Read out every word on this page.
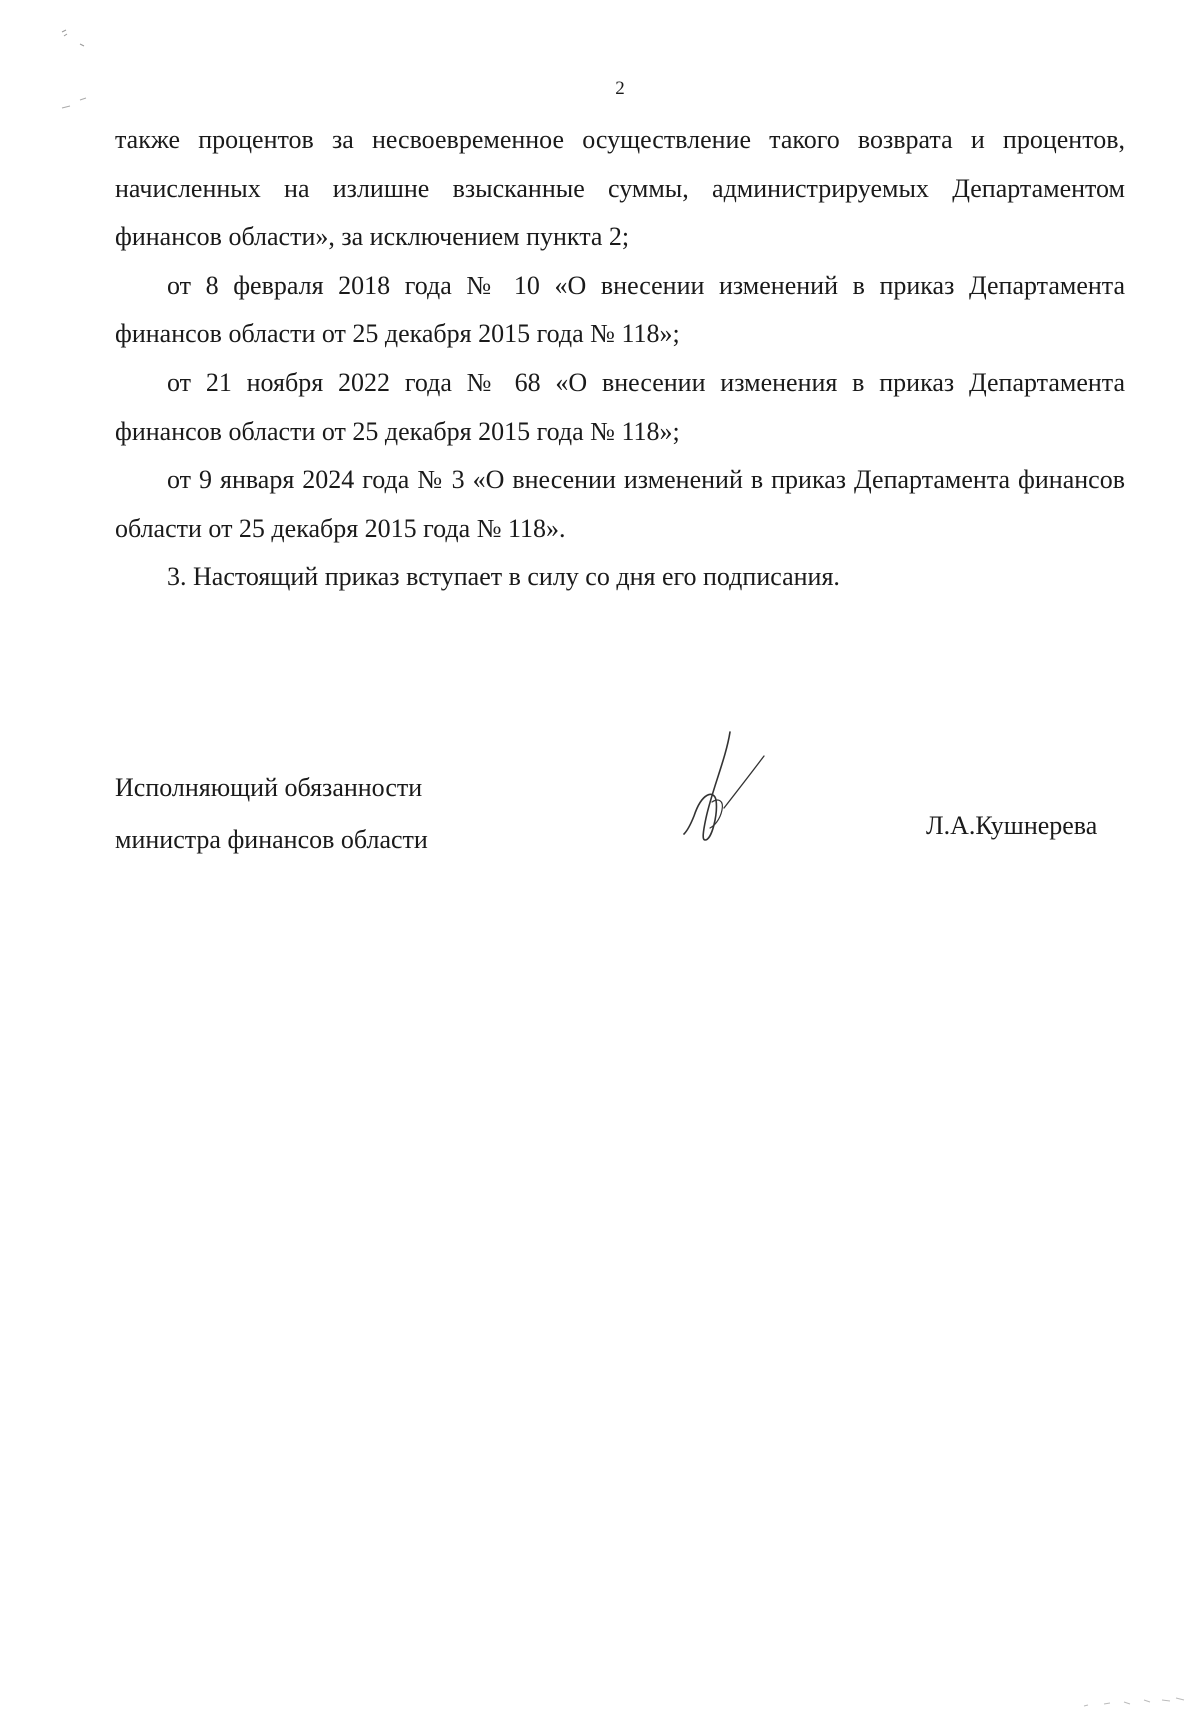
2

также процентов за несвоевременное осуществление такого возврата и процентов, начисленных на излишне взысканные суммы, администрируемых Департаментом финансов области», за исключением пункта 2;

от 8 февраля 2018 года № 10 «О внесении изменений в приказ Департамента финансов области от 25 декабря 2015 года № 118»;

от 21 ноября 2022 года № 68 «О внесении изменения в приказ Департамента финансов области от 25 декабря 2015 года № 118»;

от 9 января 2024 года № 3 «О внесении изменений в приказ Департамента финансов области от 25 декабря 2015 года № 118».

3. Настоящий приказ вступает в силу со дня его подписания.

Исполняющий обязанности
министра финансов области	Л.А.Кушнерева
